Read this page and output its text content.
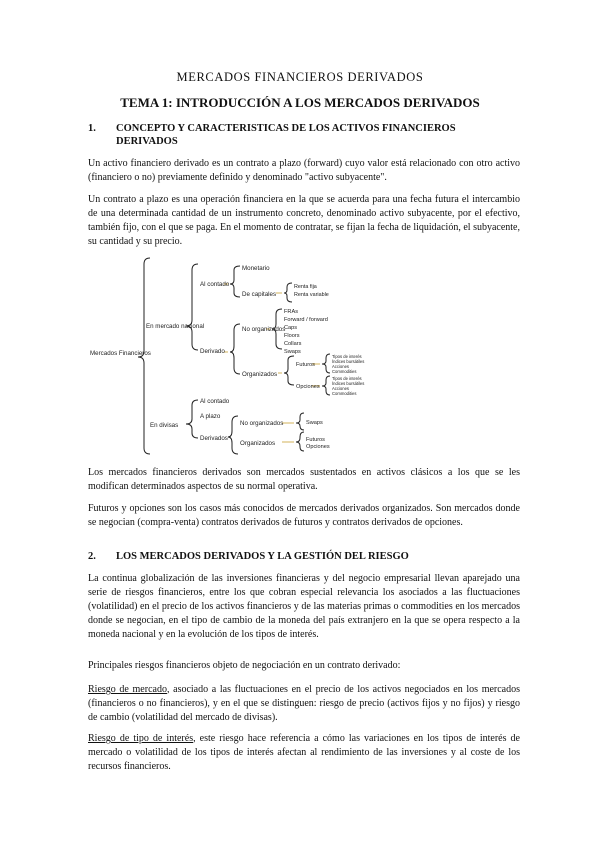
MERCADOS FINANCIEROS DERIVADOS
TEMA 1: INTRODUCCIÓN A LOS MERCADOS DERIVADOS
1. CONCEPTO Y CARACTERISTICAS DE LOS ACTIVOS FINANCIEROS DERIVADOS
Un activo financiero derivado es un contrato a plazo (forward) cuyo valor está relacionado con otro activo (financiero o no) previamente definido y denominado "activo subyacente".
Un contrato a plazo es una operación financiera en la que se acuerda para una fecha futura el intercambio de una determinada cantidad de un instrumento concreto, denominado activo subyacente, por el efectivo, también fijo, con el que se paga. En el momento de contratar, se fijan la fecha de liquidación, el subyacente, su cantidad y su precio.
Mercados Financieros
En mercado nacional
En divisas
Al contado
Derivado
Monetario
De capitales
Renta fija
Renta variable
No organizados
Organizados
FRAs
Forward / forward
Caps
Floors
Collars
Swaps
Futuros
Opciones
Tipos de interés
Índices bursátiles
Acciones
Commodities
Tipos de interés
Índices bursátiles
Acciones
Commodities
Al contado
A plazo
Derivados
No organizados	Swaps
Organizados	Futuros
Opciones
Los mercados financieros derivados son mercados sustentados en activos clásicos a los que se les modifican determinados aspectos de su normal operativa.
Futuros y opciones son los casos más conocidos de mercados derivados organizados. Son mercados donde se negocian (compra-venta) contratos derivados de futuros y contratos derivados de opciones.
2. LOS MERCADOS DERIVADOS Y LA GESTIÓN DEL RIESGO
La continua globalización de las inversiones financieras y del negocio empresarial llevan aparejado una serie de riesgos financieros, entre los que cobran especial relevancia los asociados a las fluctuaciones (volatilidad) en el precio de los activos financieros y de las materias primas o commodities en los mercados donde se negocian, en el tipo de cambio de la moneda del país extranjero en la que se opera respecto a la moneda nacional y en la evolución de los tipos de interés.
Principales riesgos financieros objeto de negociación en un contrato derivado:
Riesgo de mercado, asociado a las fluctuaciones en el precio de los activos negociados en los mercados (financieros o no financieros), y en el que se distinguen: riesgo de precio (activos fijos y no fijos) y riesgo de cambio (volatilidad del mercado de divisas).
Riesgo de tipo de interés, este riesgo hace referencia a cómo las variaciones en los tipos de interés de mercado o volatilidad de los tipos de interés afectan al rendimiento de las inversiones y al coste de los recursos financieros.
